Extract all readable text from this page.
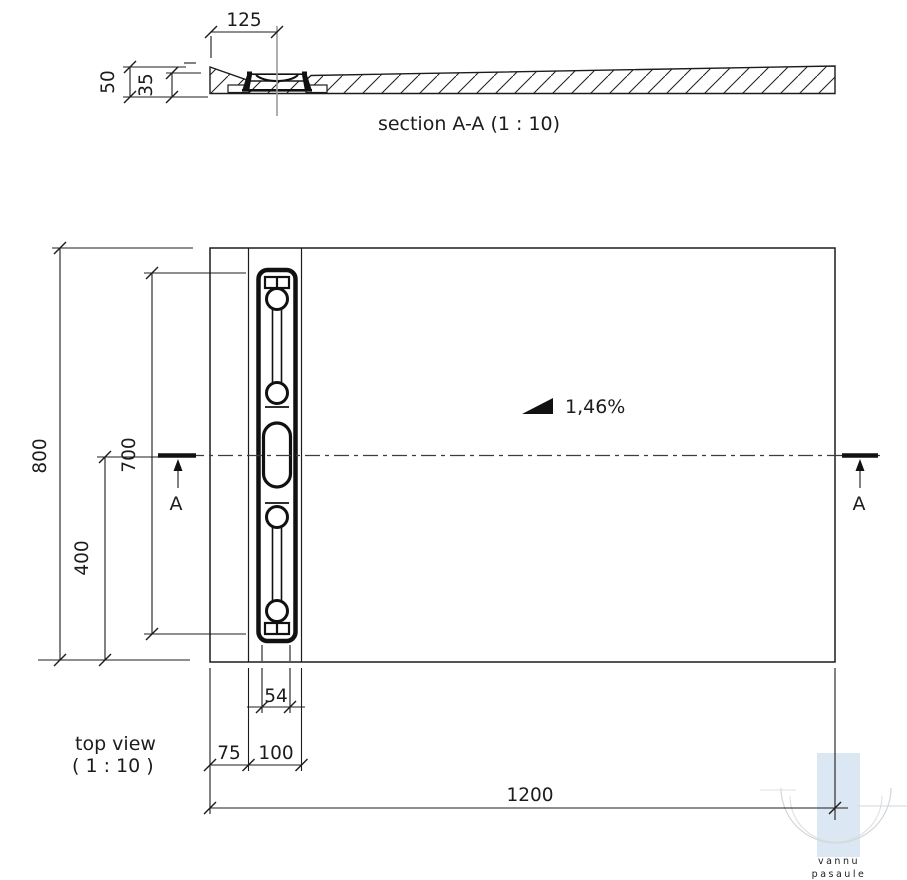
vannu
pasaule
125
50 35
section A-A (1 : 10)
A	A
1,46%
800
400
700
54
75 100
1200
top view
( 1 : 10 )
